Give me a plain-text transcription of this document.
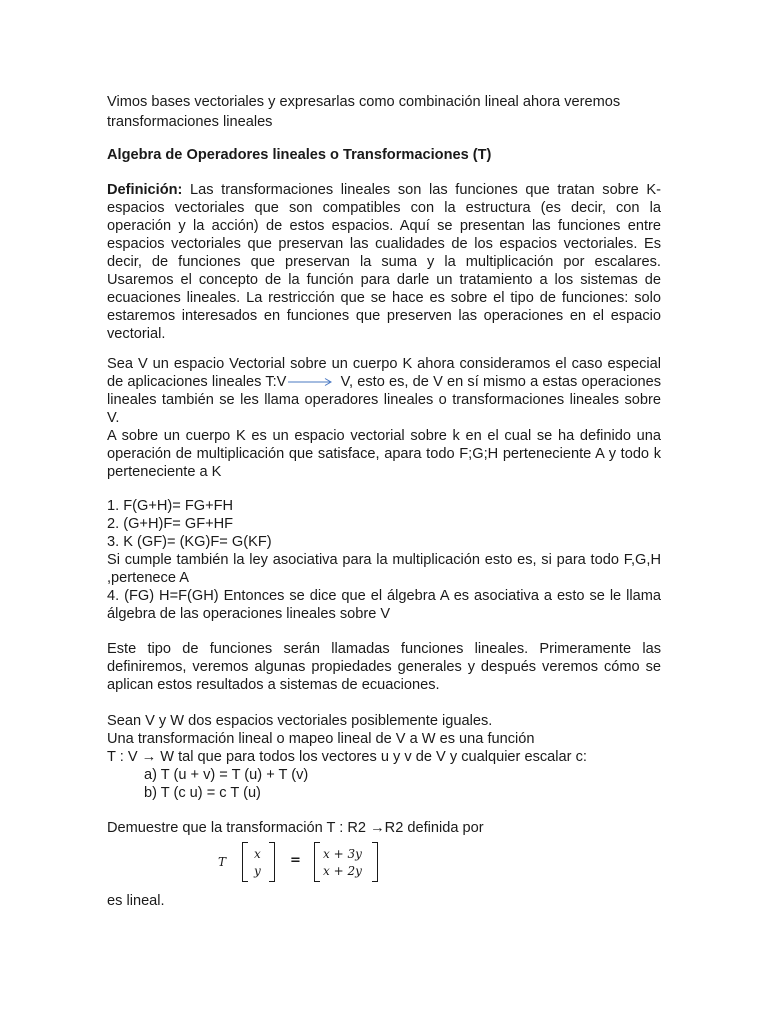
Vimos bases vectoriales y expresarlas como combinación lineal ahora veremos

transformaciones lineales

Algebra de Operadores lineales o Transformaciones (T)

Definición: Las transformaciones lineales son las funciones que tratan sobre K-espacios vectoriales que son compatibles con la estructura (es decir, con la operación y la acción) de estos espacios. Aquí se presentan las funciones entre espacios vectoriales que preservan las cualidades de los espacios vectoriales. Es decir, de funciones que preservan la suma y la multiplicación por escalares. Usaremos el concepto de la función para darle un tratamiento a los sistemas de ecuaciones lineales. La restricción que se hace es sobre el tipo de funciones: solo estaremos interesados en funciones que preserven las operaciones en el espacio vectorial.

Sea V un espacio Vectorial sobre un cuerpo K ahora consideramos el caso especial de aplicaciones lineales T:V	V, esto es, de V en sí mismo a estas operaciones lineales también se les llama operadores lineales o transformaciones lineales sobre V.

A sobre un cuerpo K es un espacio vectorial sobre k en el cual se ha definido una operación de multiplicación que satisface, apara todo F;G;H perteneciente A y todo k perteneciente a K

1. F(G+H)= FG+FH

2. (G+H)F= GF+HF

3. K (GF)= (KG)F= G(KF)

Si cumple también la ley asociativa para la multiplicación esto es, si para todo F,G,H ,pertenece A

4. (FG) H=F(GH) Entonces se dice que el álgebra A es asociativa a esto se le llama álgebra de las operaciones lineales sobre V

Este tipo de funciones serán llamadas funciones lineales. Primeramente las definiremos, veremos algunas propiedades generales y después veremos cómo se aplican estos resultados a sistemas de ecuaciones.

Sean V y W dos espacios vectoriales posiblemente iguales.

Una transformación lineal o mapeo lineal de V a W es una función

T : V → W tal que para todos los vectores u y v de V y cualquier escalar c:

a) T (u + v) = T (u) + T (v)

b) T (c u) = c T (u)

Demuestre que la transformación T : R2 →R2 definida por

T
x
y
= x + 3y
x + 2y

es lineal.
